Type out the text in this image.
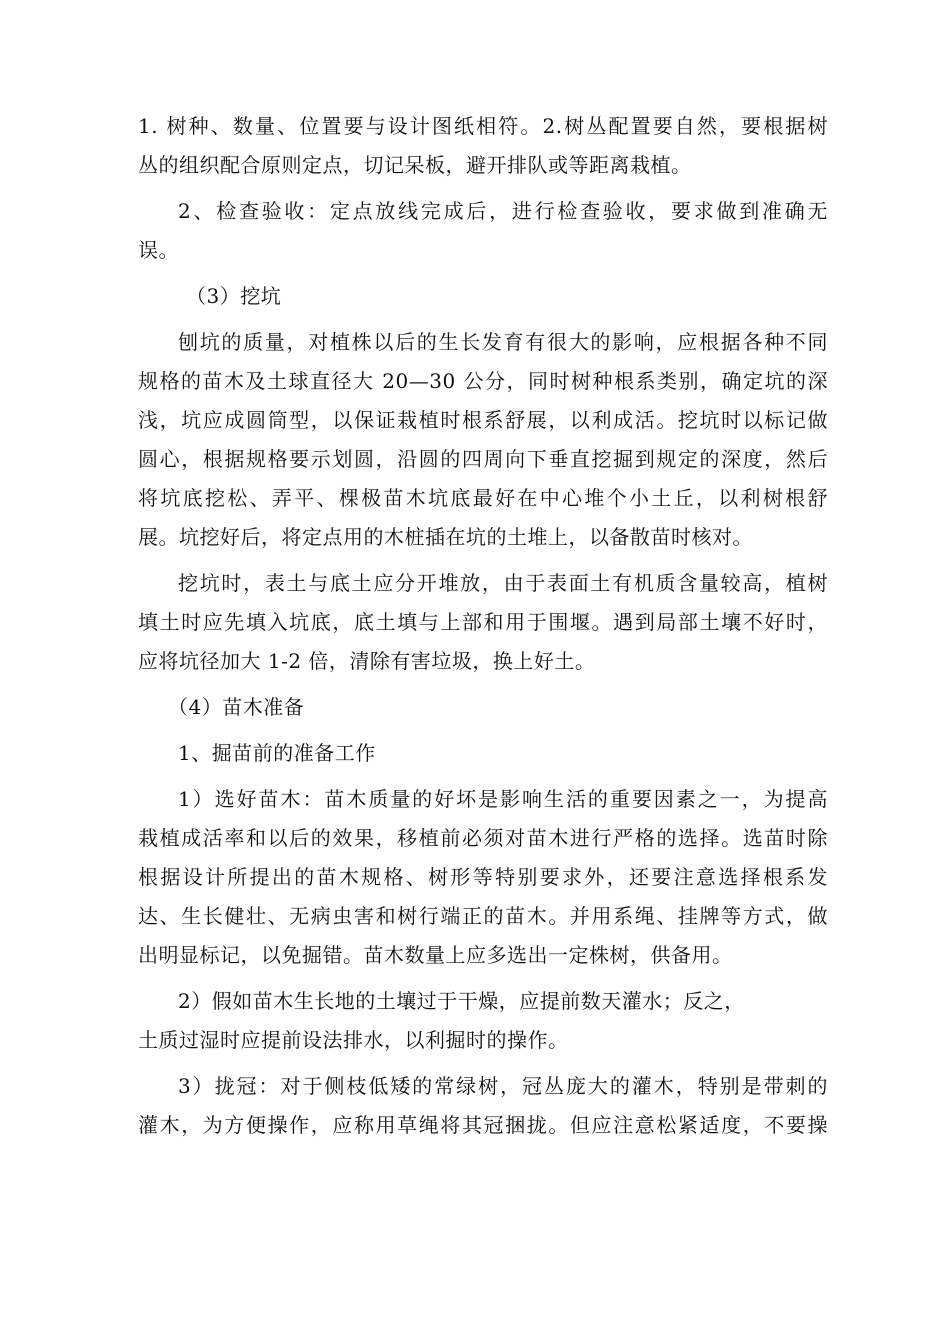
1. 树种、数量、位置要与设计图纸相符。2.树丛配置要自然，要根据树
丛的组织配合原则定点，切记呆板，避开排队或等距离栽植。
2、检查验收：定点放线完成后，进行检查验收，要求做到准确无
误。
（3）挖坑
刨坑的质量，对植株以后的生长发育有很大的影响，应根据各种不同
规格的苗木及土球直径大 20—30 公分，同时树种根系类别，确定坑的深
浅，坑应成圆筒型，以保证栽植时根系舒展，以利成活。挖坑时以标记做
圆心，根据规格要示划圆，沿圆的四周向下垂直挖掘到规定的深度，然后
将坑底挖松、弄平、棵极苗木坑底最好在中心堆个小土丘，以利树根舒
展。坑挖好后，将定点用的木桩插在坑的土堆上，以备散苗时核对。
挖坑时，表土与底土应分开堆放，由于表面土有机质含量较高，植树
填土时应先填入坑底，底土填与上部和用于围堰。遇到局部土壤不好时，
应将坑径加大 1-2 倍，清除有害垃圾，换上好土。
（4）苗木准备
1、掘苗前的准备工作
1）选好苗木：苗木质量的好坏是影响生活的重要因素之一，为提高
栽植成活率和以后的效果，移植前必须对苗木进行严格的选择。选苗时除
根据设计所提出的苗木规格、树形等特别要求外，还要注意选择根系发
达、生长健壮、无病虫害和树行端正的苗木。并用系绳、挂牌等方式，做
出明显标记，以免掘错。苗木数量上应多选出一定株树，供备用。
2）假如苗木生长地的土壤过于干燥，应提前数天灌水；反之，
土质过湿时应提前设法排水，以利掘时的操作。
3）拢冠：对于侧枝低矮的常绿树，冠丛庞大的灌木，特别是带刺的
灌木，为方便操作，应称用草绳将其冠捆拢。但应注意松紧适度，不要操
